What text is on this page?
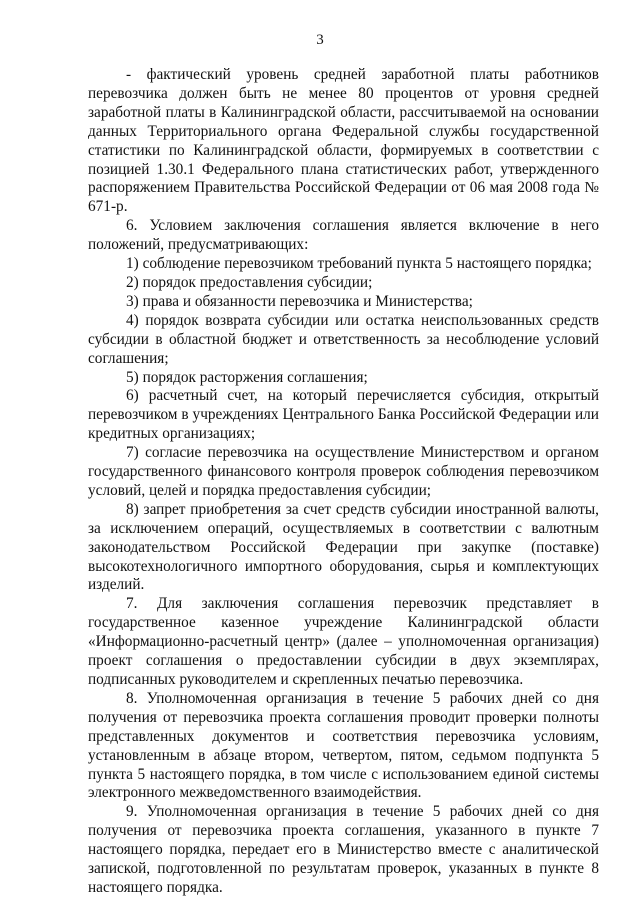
3

- фактический уровень средней заработной платы работников перевозчика должен быть не менее 80 процентов от уровня средней заработной платы в Калининградской области, рассчитываемой на основании данных Территориального органа Федеральной службы государственной статистики по Калининградской области, формируемых в соответствии с позицией 1.30.1 Федерального плана статистических работ, утвержденного распоряжением Правительства Российской Федерации от 06 мая 2008 года № 671-р.

6. Условием заключения соглашения является включение в него положений, предусматривающих:

1) соблюдение перевозчиком требований пункта 5 настоящего порядка;

2) порядок предоставления субсидии;

3) права и обязанности перевозчика и Министерства;

4) порядок возврата субсидии или остатка неиспользованных средств субсидии в областной бюджет и ответственность за несоблюдение условий соглашения;

5) порядок расторжения соглашения;

6) расчетный счет, на который перечисляется субсидия, открытый перевозчиком в учреждениях Центрального Банка Российской Федерации или кредитных организациях;

7) согласие перевозчика на осуществление Министерством и органом государственного финансового контроля проверок соблюдения перевозчиком условий, целей и порядка предоставления субсидии;

8) запрет приобретения за счет средств субсидии иностранной валюты, за исключением операций, осуществляемых в соответствии с валютным законодательством Российской Федерации при закупке (поставке) высокотехнологичного импортного оборудования, сырья и комплектующих изделий.

7. Для заключения соглашения перевозчик представляет в государственное казенное учреждение Калининградской области «Информационно-расчетный центр» (далее – уполномоченная организация) проект соглашения о предоставлении субсидии в двух экземплярах, подписанных руководителем и скрепленных печатью перевозчика.

8. Уполномоченная организация в течение 5 рабочих дней со дня получения от перевозчика проекта соглашения проводит проверки полноты представленных документов и соответствия перевозчика условиям, установленным в абзаце втором, четвертом, пятом, седьмом подпункта 5 пункта 5 настоящего порядка, в том числе с использованием единой системы электронного межведомственного взаимодействия.

9. Уполномоченная организация в течение 5 рабочих дней со дня получения от перевозчика проекта соглашения, указанного в пункте 7 настоящего порядка, передает его в Министерство вместе с аналитической запиской, подготовленной по результатам проверок, указанных в пункте 8 настоящего порядка.
